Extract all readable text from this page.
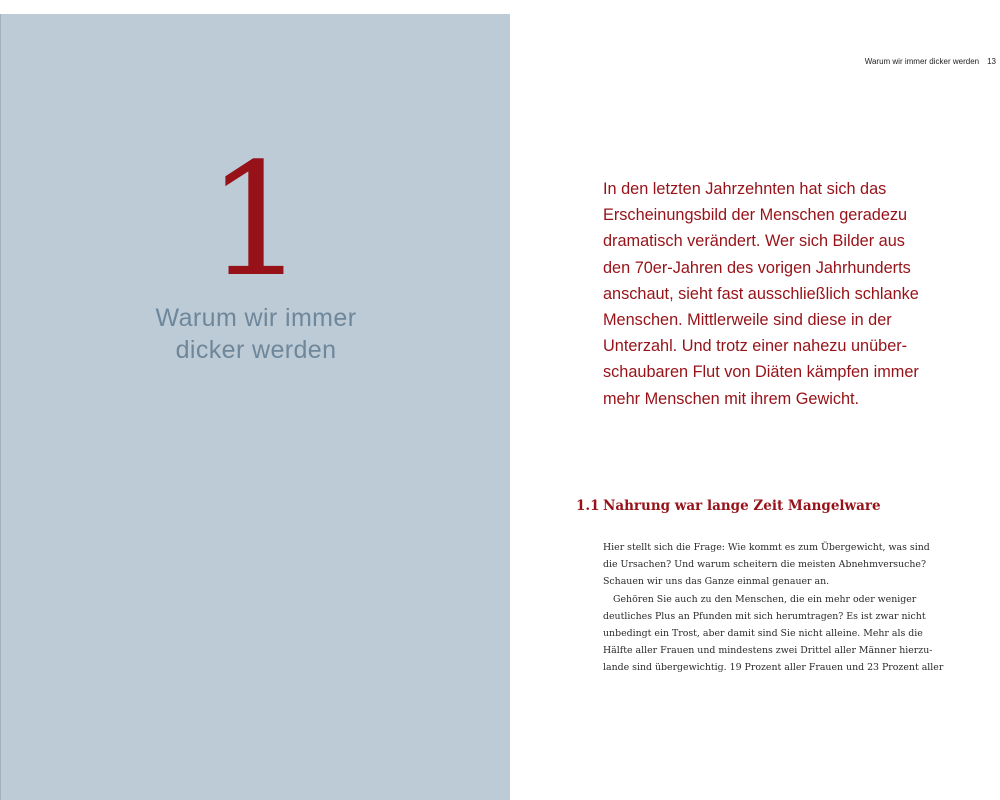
1
Warum wir immer
dicker werden
Warum wir immer dicker werden 13
In den letzten Jahrzehnten hat sich das
Erscheinungsbild der Menschen geradezu
dramatisch verändert. Wer sich Bilder aus
den 70er-Jahren des vorigen Jahrhunderts
anschaut, sieht fast ausschließlich schlanke
Menschen. Mittlerweile sind diese in der
Unterzahl. Und trotz einer nahezu unüber-
schaubaren Flut von Diäten kämpfen immer
mehr Menschen mit ihrem Gewicht.
1.1 Nahrung war lange Zeit Mangelware
Hier stellt sich die Frage: Wie kommt es zum Übergewicht, was sind
die Ursachen? Und warum scheitern die meisten Abnehmversuche?
Schauen wir uns das Ganze einmal genauer an.
Gehören Sie auch zu den Menschen, die ein mehr oder weniger
deutliches Plus an Pfunden mit sich herumtragen? Es ist zwar nicht
unbedingt ein Trost, aber damit sind Sie nicht alleine. Mehr als die
Hälfte aller Frauen und mindestens zwei Drittel aller Männer hierzu-
lande sind übergewichtig. 19 Prozent aller Frauen und 23 Prozent aller
